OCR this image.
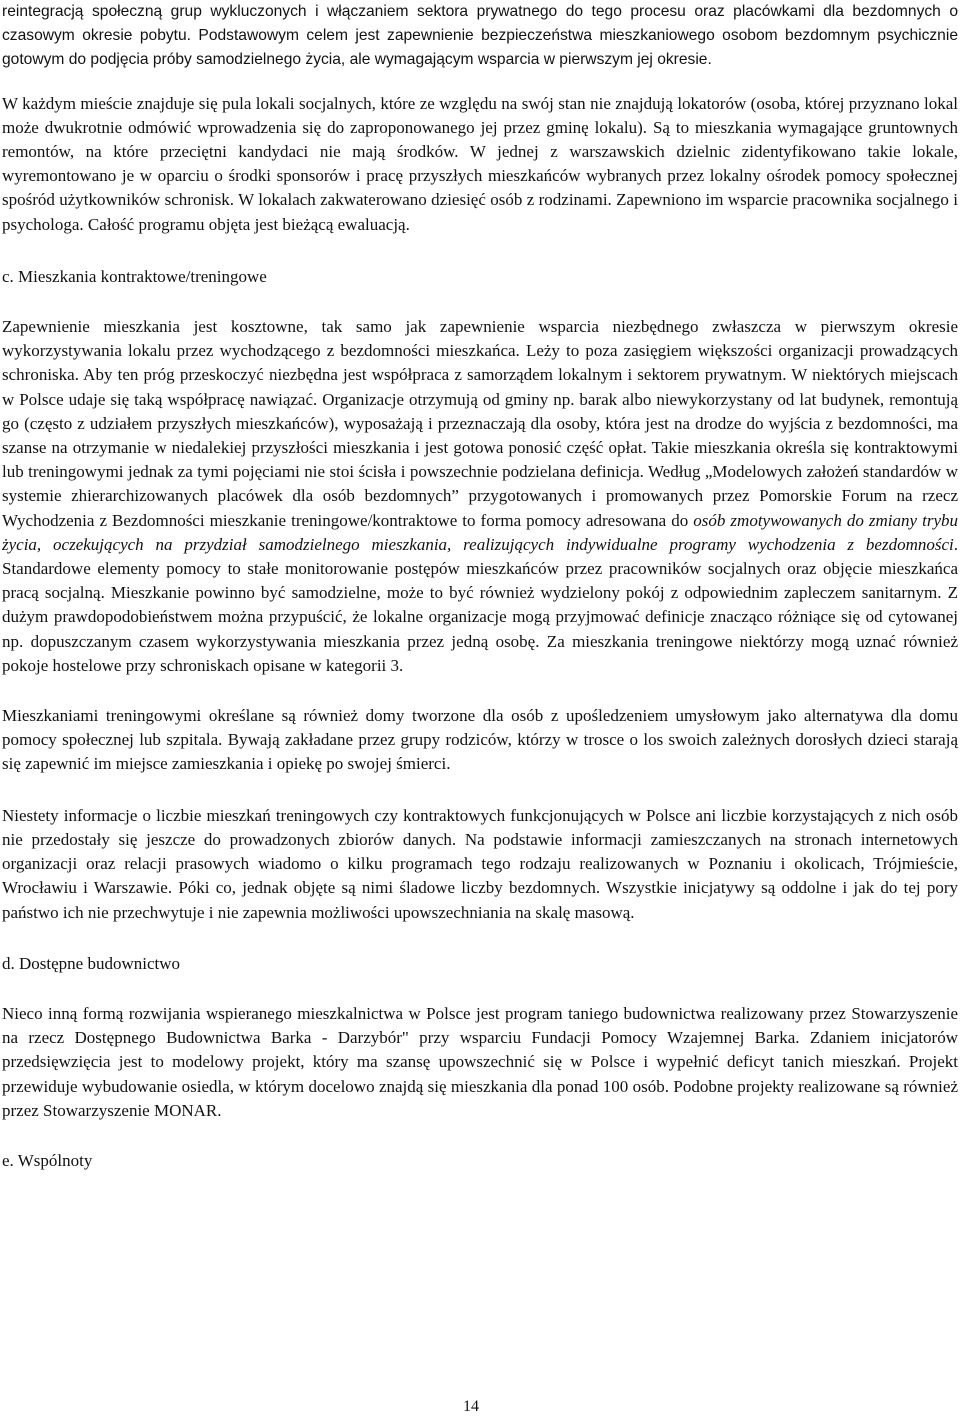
reintegracją społeczną grup wykluczonych i włączaniem sektora prywatnego do tego procesu oraz placówkami dla bezdomnych o czasowym okresie pobytu. Podstawowym celem jest zapewnienie bezpieczeństwa mieszkaniowego osobom bezdomnym psychicznie gotowym do podjęcia próby samodzielnego życia, ale wymagającym wsparcia w pierwszym jej okresie.

W każdym mieście znajduje się pula lokali socjalnych, które ze względu na swój stan nie znajdują lokatorów (osoba, której przyznano lokal może dwukrotnie odmówić wprowadzenia się do zaproponowanego jej przez gminę lokalu). Są to mieszkania wymagające gruntownych remontów, na które przeciętni kandydaci nie mają środków. W jednej z warszawskich dzielnic zidentyfikowano takie lokale, wyremontowano je w oparciu o środki sponsorów i pracę przyszłych mieszkańców wybranych przez lokalny ośrodek pomocy społecznej spośród użytkowników schronisk. W lokalach zakwaterowano dziesięć osób z rodzinami. Zapewniono im wsparcie pracownika socjalnego i psychologa. Całość programu objęta jest bieżącą ewaluacją.

c. Mieszkania kontraktowe/treningowe

Zapewnienie mieszkania jest kosztowne, tak samo jak zapewnienie wsparcia niezbędnego zwłaszcza w pierwszym okresie wykorzystywania lokalu przez wychodzącego z bezdomności mieszkańca. Leży to poza zasięgiem większości organizacji prowadzących schroniska. Aby ten próg przeskoczyć niezbędna jest współpraca z samorządem lokalnym i sektorem prywatnym. W niektórych miejscach w Polsce udaje się taką współpracę nawiązać. Organizacje otrzymują od gminy np. barak albo niewykorzystany od lat budynek, remontują go (często z udziałem przyszłych mieszkańców), wyposażają i przeznaczają dla osoby, która jest na drodze do wyjścia z bezdomności, ma szanse na otrzymanie w niedalekiej przyszłości mieszkania i jest gotowa ponosić część opłat. Takie mieszkania określa się kontraktowymi lub treningowymi jednak za tymi pojęciami nie stoi ścisła i powszechnie podzielana definicja. Według „Modelowych założeń standardów w systemie zhierarchizowanych placówek dla osób bezdomnych” przygotowanych i promowanych przez Pomorskie Forum na rzecz Wychodzenia z Bezdomności mieszkanie treningowe/kontraktowe to forma pomocy adresowana do osób zmotywowanych do zmiany trybu życia, oczekujących na przydział samodzielnego mieszkania, realizujących indywidualne programy wychodzenia z bezdomności. Standardowe elementy pomocy to stałe monitorowanie postępów mieszkańców przez pracowników socjalnych oraz objęcie mieszkańca pracą socjalną. Mieszkanie powinno być samodzielne, może to być również wydzielony pokój z odpowiednim zapleczem sanitarnym. Z dużym prawdopodobieństwem można przypuścić, że lokalne organizacje mogą przyjmować definicje znacząco różniące się od cytowanej np. dopuszczanym czasem wykorzystywania mieszkania przez jedną osobę. Za mieszkania treningowe niektórzy mogą uznać również pokoje hostelowe przy schroniskach opisane w kategorii 3.

Mieszkaniami treningowymi określane są również domy tworzone dla osób z upośledzeniem umysłowym jako alternatywa dla domu pomocy społecznej lub szpitala. Bywają zakładane przez grupy rodziców, którzy w trosce o los swoich zależnych dorosłych dzieci starają się zapewnić im miejsce zamieszkania i opiekę po swojej śmierci.

Niestety informacje o liczbie mieszkań treningowych czy kontraktowych funkcjonujących w Polsce ani liczbie korzystających z nich osób nie przedostały się jeszcze do prowadzonych zbiorów danych. Na podstawie informacji zamieszczanych na stronach internetowych organizacji oraz relacji prasowych wiadomo o kilku programach tego rodzaju realizowanych w Poznaniu i okolicach, Trójmieście, Wrocławiu i Warszawie. Póki co, jednak objęte są nimi śladowe liczby bezdomnych. Wszystkie inicjatywy są oddolne i jak do tej pory państwo ich nie przechwytuje i nie zapewnia możliwości upowszechniania na skalę masową.

d. Dostępne budownictwo

Nieco inną formą rozwijania wspieranego mieszkalnictwa w Polsce jest program taniego budownictwa realizowany przez Stowarzyszenie na rzecz Dostępnego Budownictwa Barka - Darzybór" przy wsparciu Fundacji Pomocy Wzajemnej Barka. Zdaniem inicjatorów przedsięwzięcia jest to modelowy projekt, który ma szansę upowszechnić się w Polsce i wypełnić deficyt tanich mieszkań. Projekt przewiduje wybudowanie osiedla, w którym docelowo znajdą się mieszkania dla ponad 100 osób. Podobne projekty realizowane są również przez Stowarzyszenie MONAR.

e. Wspólnoty

14
